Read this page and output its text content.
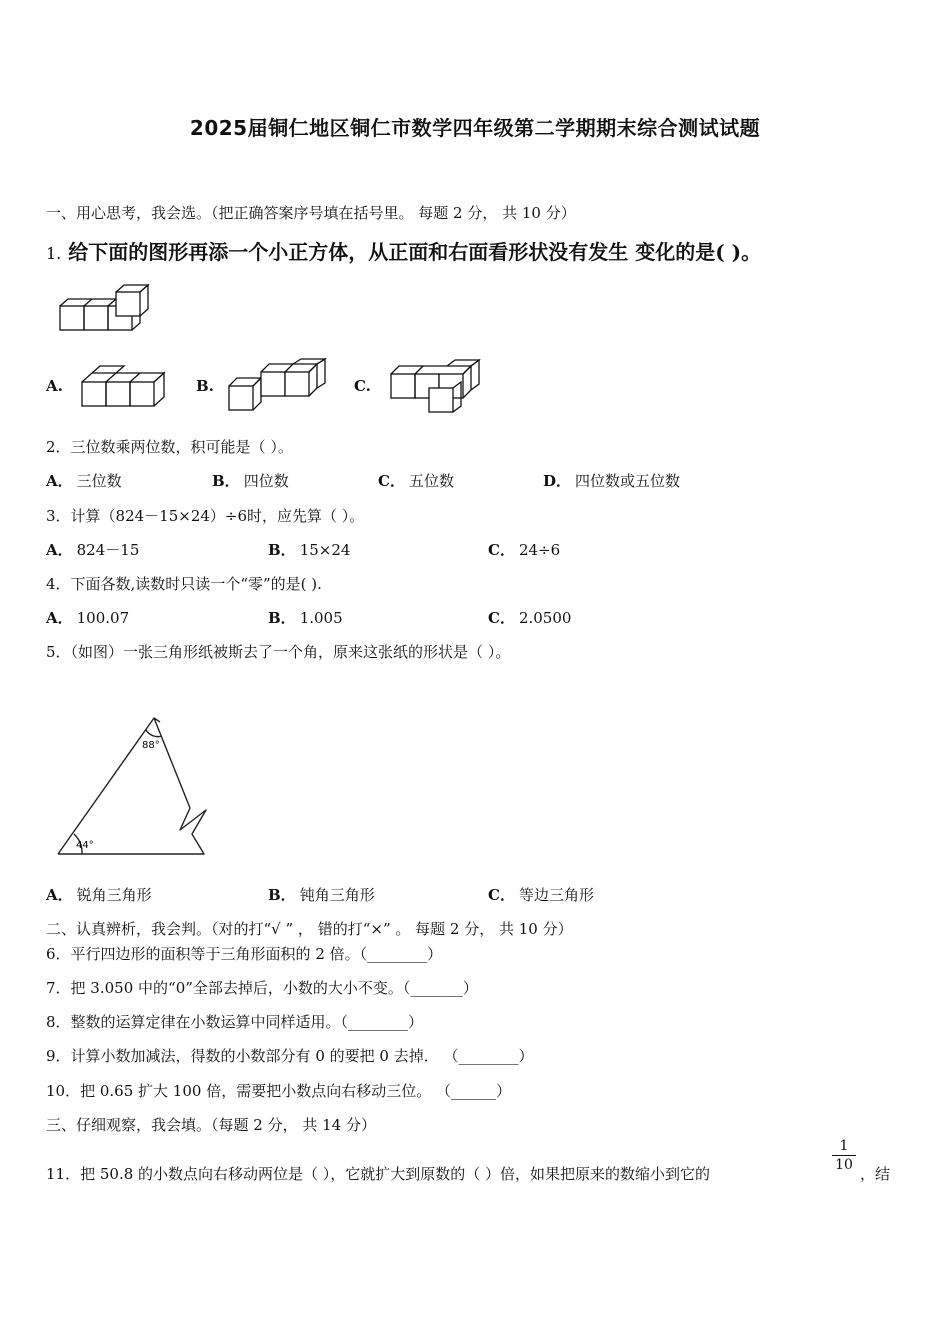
2025届铜仁地区铜仁市数学四年级第二学期期末综合测试试题
一、用心思考，我会选。（把正确答案序号填在括号里。 每题 2 分， 共 10 分）
1. 给下面的图形再添一个小正方体，从正面和右面看形状没有发生 变化的是( )。
A.	B.	C.
2．三位数乘两位数，积可能是（ ）。
A． 三位数	B． 四位数	C． 五位数	D． 四位数或五位数
3．计算（824－15×24）÷6时，应先算（ ）。
A． 824－15	B． 15×24	C． 24÷6
4．下面各数,读数时只读一个“零”的是( ).
A． 100.07	B． 1.005	C． 2.0500
5．（如图）一张三角形纸被斯去了一个角，原来这张纸的形状是（ ）。
88°
44°
A． 锐角三角形	B． 钝角三角形	C． 等边三角形
二、认真辨析，我会判。（对的打“√ ” ， 错的打“×” 。 每题 2 分， 共 10 分）
6．平行四边形的面积等于三角形面积的 2 倍。（________）
7．把 3.050 中的“0”全部去掉后，小数的大小不变。（_______）
8．整数的运算定律在小数运算中同样适用。（________）
9．计算小数加减法，得数的小数部分有 0 的要把 0 去掉． （________）
10．把 0.65 扩大 100 倍，需要把小数点向右移动三位。 （______）
三、仔细观察，我会填。（每题 2 分， 共 14 分）
11．把 50.8 的小数点向右移动两位是（ ），它就扩大到原数的（ ）倍，如果把原来的数缩小到它的
1
10 ，结
